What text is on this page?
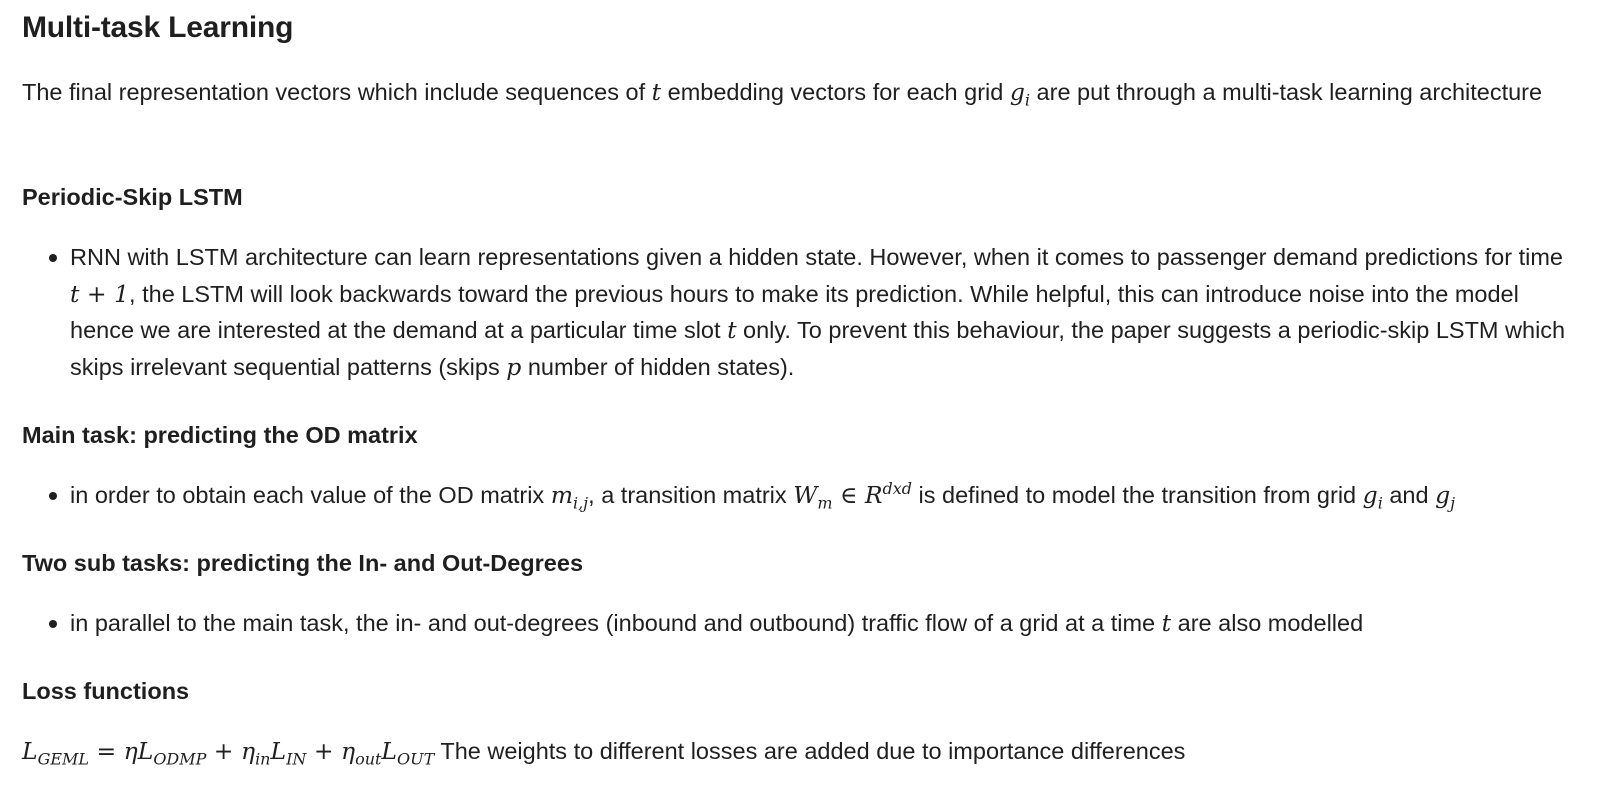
Multi-task Learning

The final representation vectors which include sequences of t embedding vectors for each grid $g_i$ are put through a multi-task learning architecture

Periodic-Skip LSTM
RNN with LSTM architecture can learn representations given a hidden state. However, when it comes to passenger demand predictions for time t + 1, the LSTM will look backwards toward the previous hours to make its prediction. While helpful, this can introduce noise into the model hence we are interested at the demand at a particular time slot t only. To prevent this behaviour, the paper suggests a periodic-skip LSTM which skips irrelevant sequential patterns (skips p number of hidden states).
Main task: predicting the OD matrix
in order to obtain each value of the OD matrix $m_{i,j}$, a transition matrix $W_m$ ∈ $R^{dxd}$ is defined to model the transition from grid $g_i$ and $g_j$
Two sub tasks: predicting the In- and Out-Degrees
in parallel to the main task, the in- and out-degrees (inbound and outbound) traffic flow of a grid at a time t are also modelled
Loss functions

$L_{GEML} = \eta L_{ODMP} + \eta_{in}L_{IN} + \eta_{out}L_{OUT}$ The weights to different losses are added due to importance differences
